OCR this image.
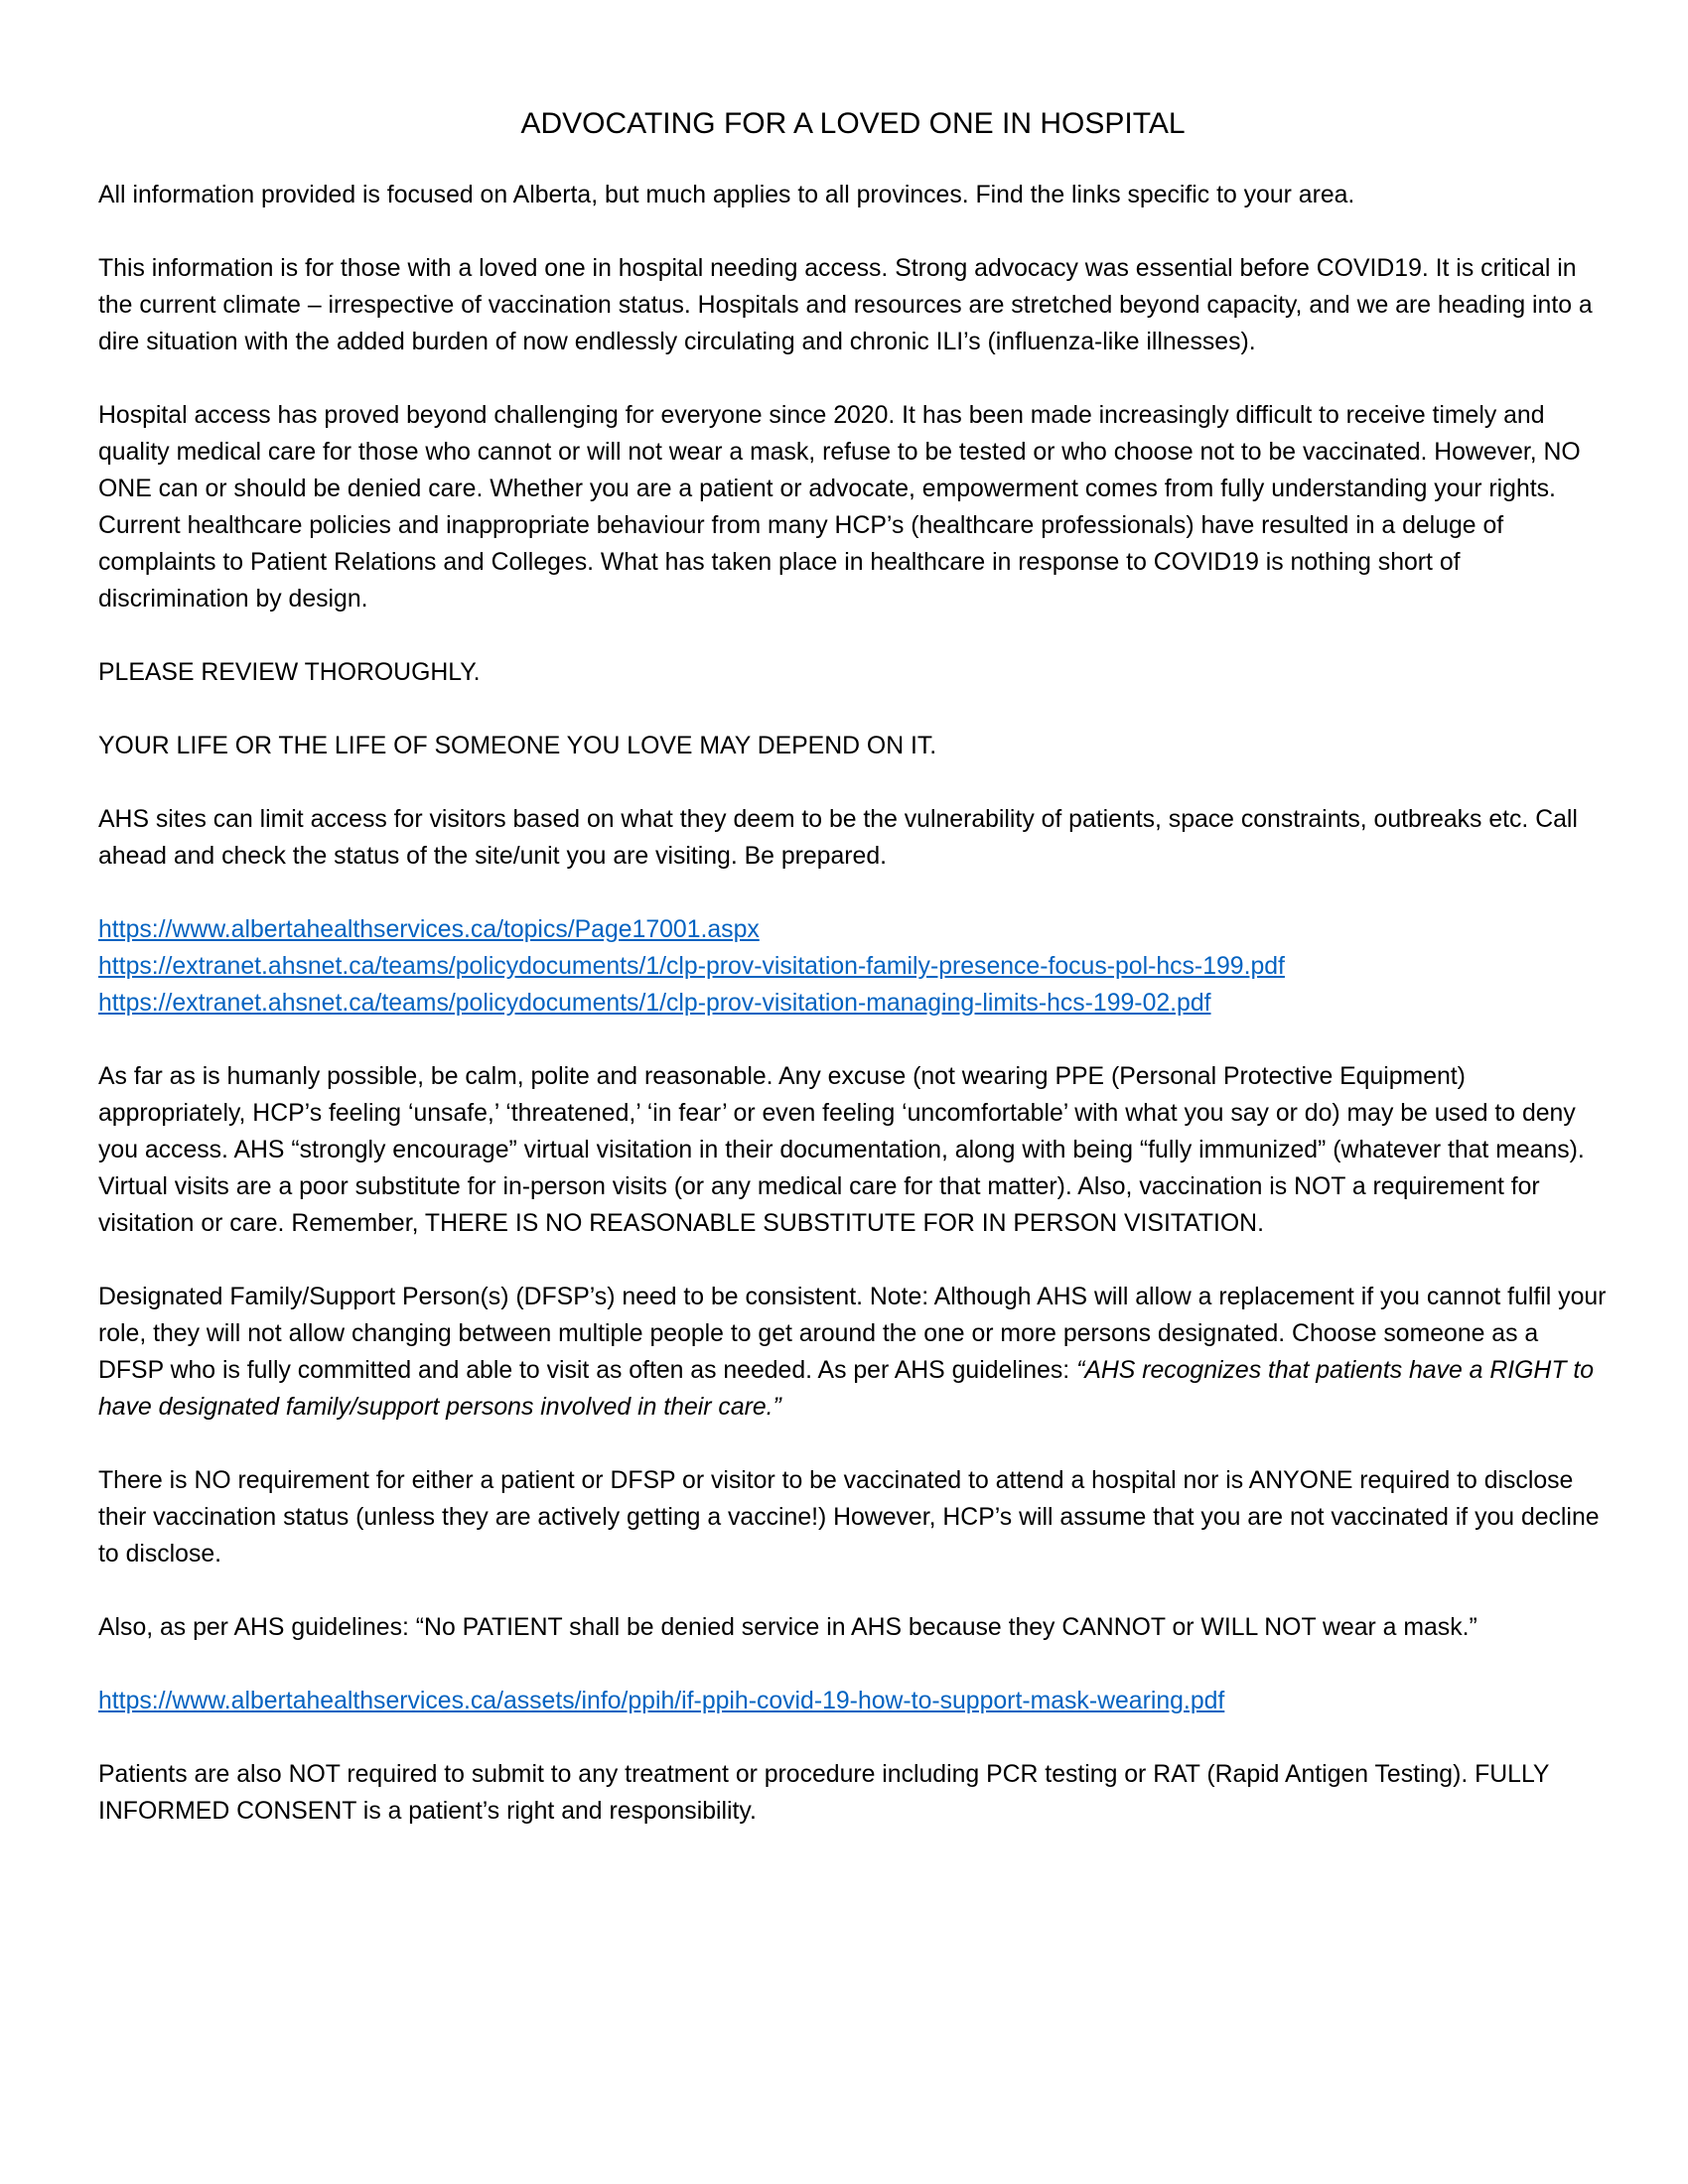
ADVOCATING FOR A LOVED ONE IN HOSPITAL

All information provided is focused on Alberta, but much applies to all provinces. Find the links specific to your area.

This information is for those with a loved one in hospital needing access. Strong advocacy was essential before COVID19. It is critical in the current climate – irrespective of vaccination status. Hospitals and resources are stretched beyond capacity, and we are heading into a dire situation with the added burden of now endlessly circulating and chronic ILI’s (influenza-like illnesses).

Hospital access has proved beyond challenging for everyone since 2020. It has been made increasingly difficult to receive timely and quality medical care for those who cannot or will not wear a mask, refuse to be tested or who choose not to be vaccinated. However, NO ONE can or should be denied care. Whether you are a patient or advocate, empowerment comes from fully understanding your rights. Current healthcare policies and inappropriate behaviour from many HCP’s (healthcare professionals) have resulted in a deluge of complaints to Patient Relations and Colleges. What has taken place in healthcare in response to COVID19 is nothing short of discrimination by design.

PLEASE REVIEW THOROUGHLY.

YOUR LIFE OR THE LIFE OF SOMEONE YOU LOVE MAY DEPEND ON IT.

AHS sites can limit access for visitors based on what they deem to be the vulnerability of patients, space constraints, outbreaks etc. Call ahead and check the status of the site/unit you are visiting. Be prepared.

https://www.albertahealthservices.ca/topics/Page17001.aspx
https://extranet.ahsnet.ca/teams/policydocuments/1/clp-prov-visitation-family-presence-focus-pol-hcs-199.pdf
https://extranet.ahsnet.ca/teams/policydocuments/1/clp-prov-visitation-managing-limits-hcs-199-02.pdf

As far as is humanly possible, be calm, polite and reasonable. Any excuse (not wearing PPE (Personal Protective Equipment) appropriately, HCP’s feeling ‘unsafe,’ ‘threatened,’ ‘in fear’ or even feeling ‘uncomfortable’ with what you say or do) may be used to deny you access. AHS “strongly encourage” virtual visitation in their documentation, along with being “fully immunized” (whatever that means). Virtual visits are a poor substitute for in-person visits (or any medical care for that matter). Also, vaccination is NOT a requirement for visitation or care. Remember, THERE IS NO REASONABLE SUBSTITUTE FOR IN PERSON VISITATION.

Designated Family/Support Person(s) (DFSP’s) need to be consistent. Note: Although AHS will allow a replacement if you cannot fulfil your role, they will not allow changing between multiple people to get around the one or more persons designated. Choose someone as a DFSP who is fully committed and able to visit as often as needed. As per AHS guidelines: “AHS recognizes that patients have a RIGHT to have designated family/support persons involved in their care.”

There is NO requirement for either a patient or DFSP or visitor to be vaccinated to attend a hospital nor is ANYONE required to disclose their vaccination status (unless they are actively getting a vaccine!) However, HCP’s will assume that you are not vaccinated if you decline to disclose.

Also, as per AHS guidelines: “No PATIENT shall be denied service in AHS because they CANNOT or WILL NOT wear a mask.”

https://www.albertahealthservices.ca/assets/info/ppih/if-ppih-covid-19-how-to-support-mask-wearing.pdf

Patients are also NOT required to submit to any treatment or procedure including PCR testing or RAT (Rapid Antigen Testing). FULLY INFORMED CONSENT is a patient’s right and responsibility.
